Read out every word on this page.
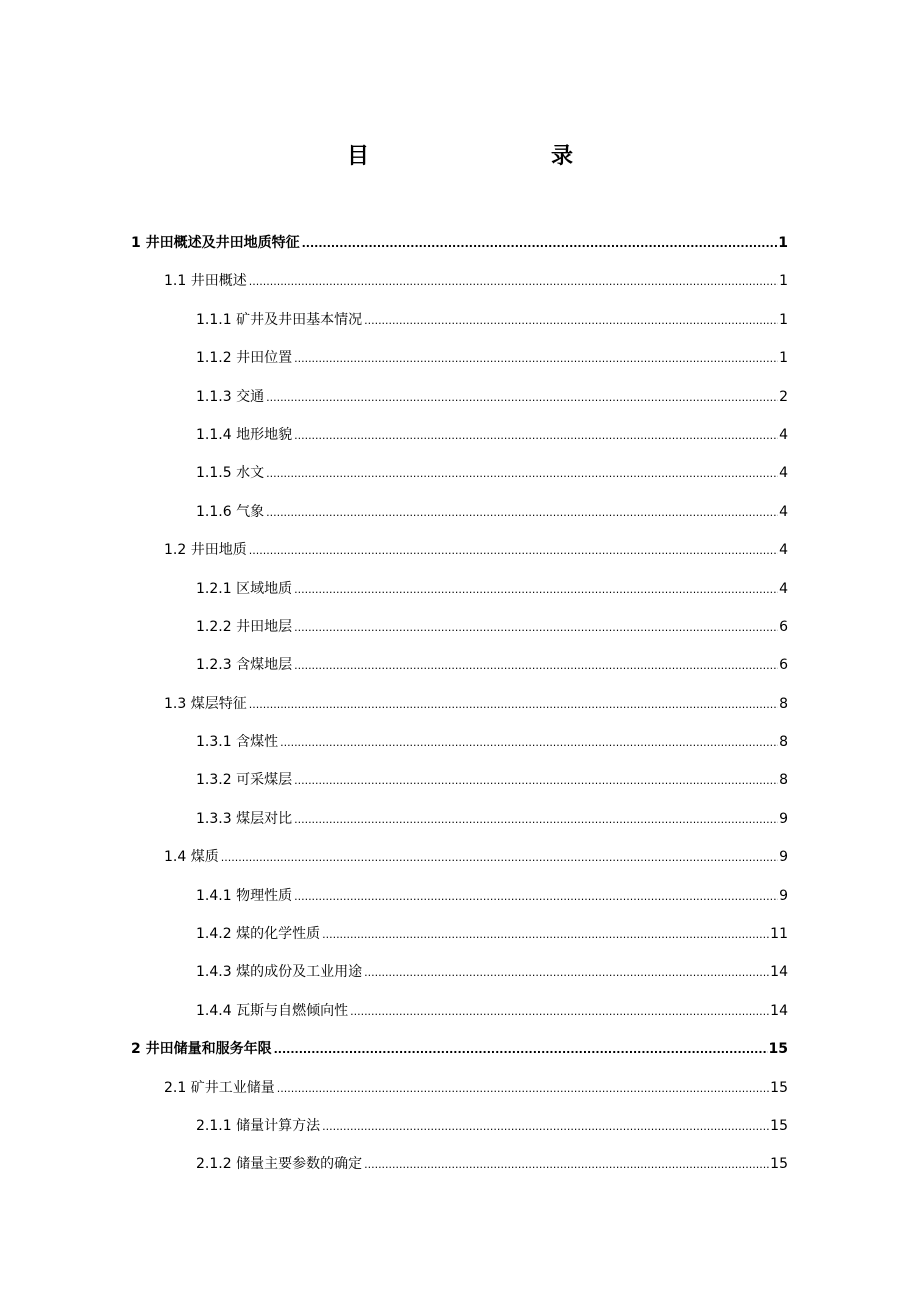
目　　录
1 井田概述及井田地质特征 .....	1
1.1 井田概述 .....	1
1.1.1 矿井及井田基本情况 .....	1
1.1.2 井田位置 .....	1
1.1.3 交通 .....	2
1.1.4 地形地貌 .....	4
1.1.5 水文 .....	4
1.1.6 气象 .....	4
1.2 井田地质 .....	4
1.2.1 区域地质 .....	4
1.2.2 井田地层 .....	6
1.2.3 含煤地层 .....	6
1.3 煤层特征 .....	8
1.3.1 含煤性 .....	8
1.3.2 可采煤层 .....	8
1.3.3 煤层对比 .....	9
1.4 煤质 .....	9
1.4.1 物理性质 .....	9
1.4.2 煤的化学性质 .....	11
1.4.3 煤的成份及工业用途 .....	14
1.4.4 瓦斯与自燃倾向性 .....	14
2 井田储量和服务年限 .....	15
2.1 矿井工业储量 .....	15
2.1.1 储量计算方法 .....	15
2.1.2 储量主要参数的确定 .....	15
